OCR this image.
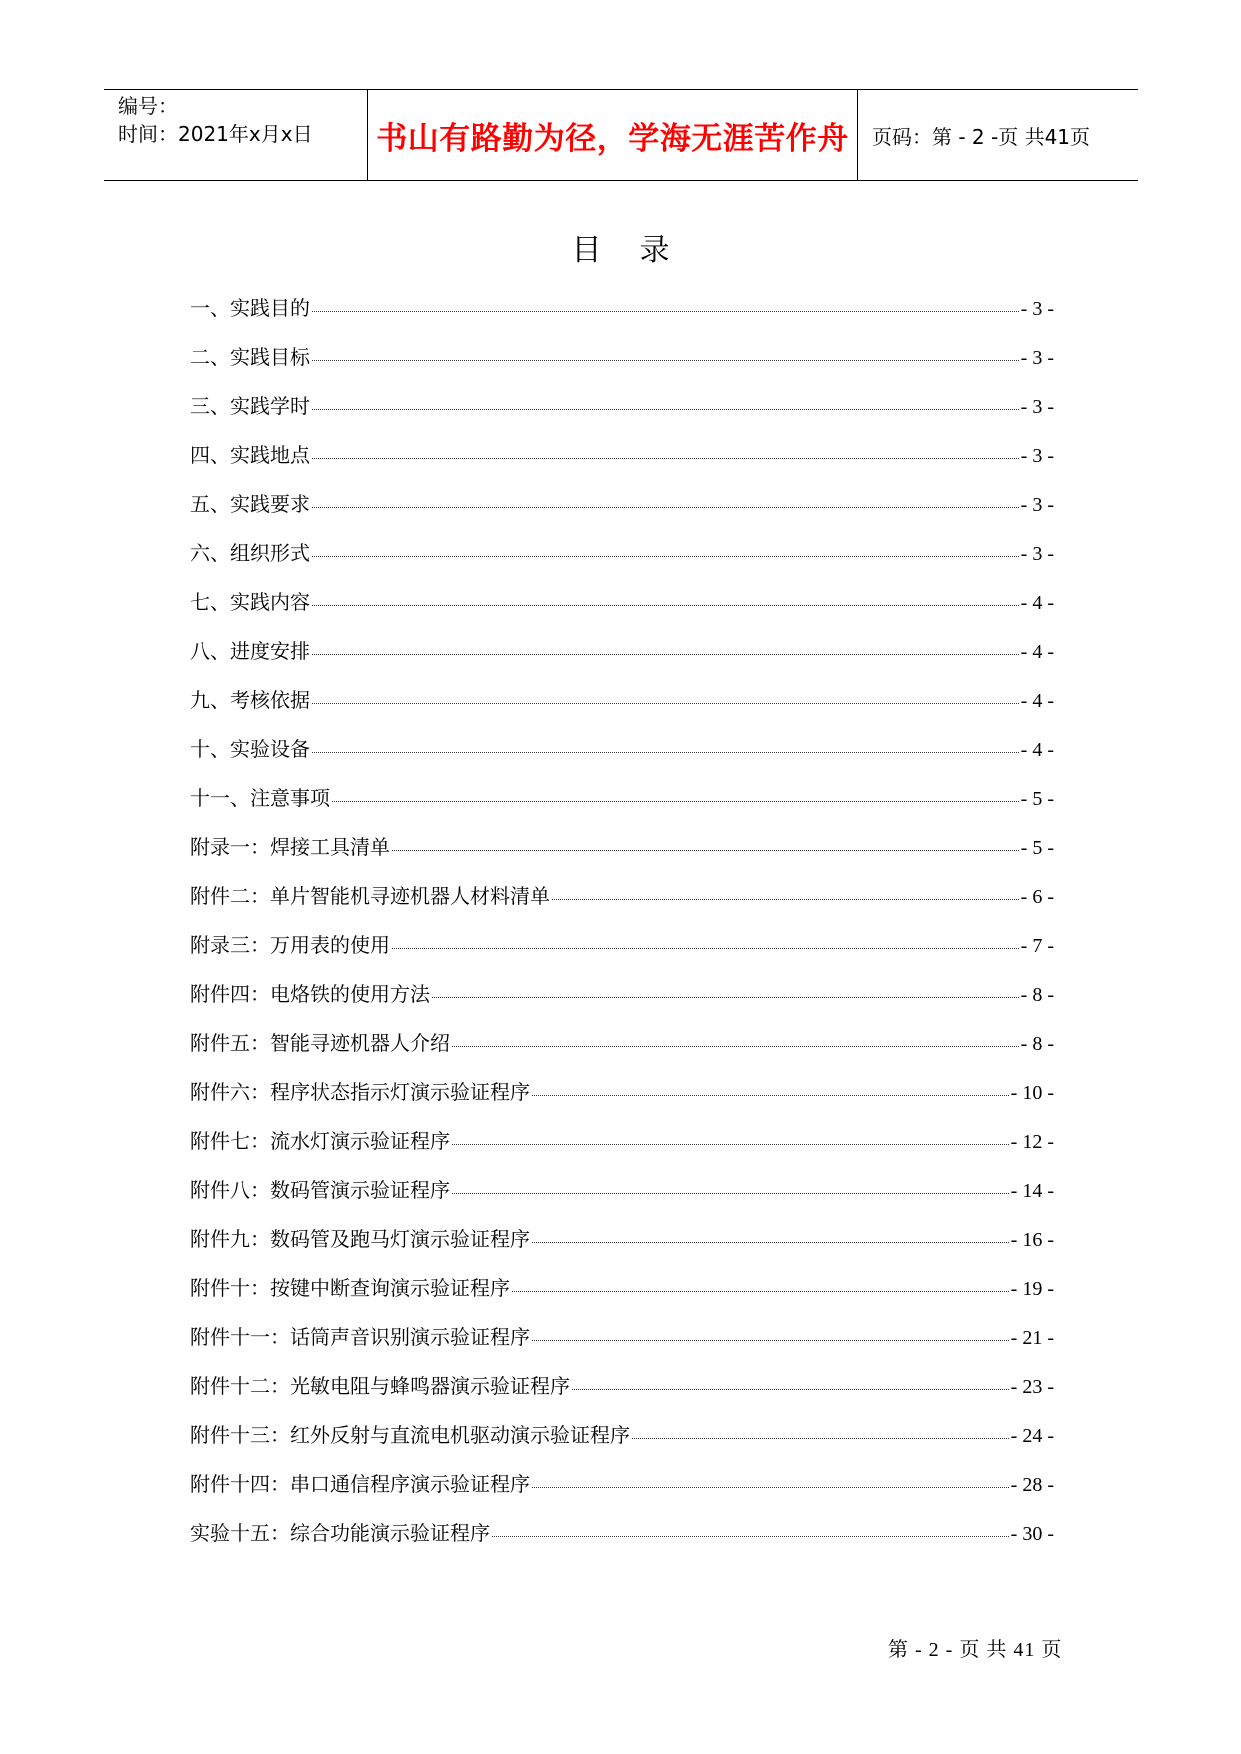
编号：
时间：2021年x月x日	书山有路勤为径，学海无涯苦作舟 页码：第 - 2 -页 共41页
目录
一、实践目的	- 3 -
二、实践目标	- 3 -
三、实践学时	- 3 -
四、实践地点	- 3 -
五、实践要求	- 3 -
六、组织形式	- 3 -
七、实践内容	- 4 -
八、进度安排	- 4 -
九、考核依据	- 4 -
十、实验设备	- 4 -
十一、注意事项	- 5 -
附录一：焊接工具清单	- 5 -
附件二：单片智能机寻迹机器人材料清单	- 6 -
附录三：万用表的使用	- 7 -
附件四：电烙铁的使用方法	- 8 -
附件五：智能寻迹机器人介绍	- 8 -
附件六：程序状态指示灯演示验证程序	- 10 -
附件七：流水灯演示验证程序	- 12 -
附件八：数码管演示验证程序	- 14 -
附件九：数码管及跑马灯演示验证程序	- 16 -
附件十：按键中断查询演示验证程序	- 19 -
附件十一：话筒声音识别演示验证程序	- 21 -
附件十二：光敏电阻与蜂鸣器演示验证程序	- 23 -
附件十三：红外反射与直流电机驱动演示验证程序	- 24 -
附件十四：串口通信程序演示验证程序	- 28 -
实验十五：综合功能演示验证程序	- 30 -
第 - 2 - 页 共 41 页
